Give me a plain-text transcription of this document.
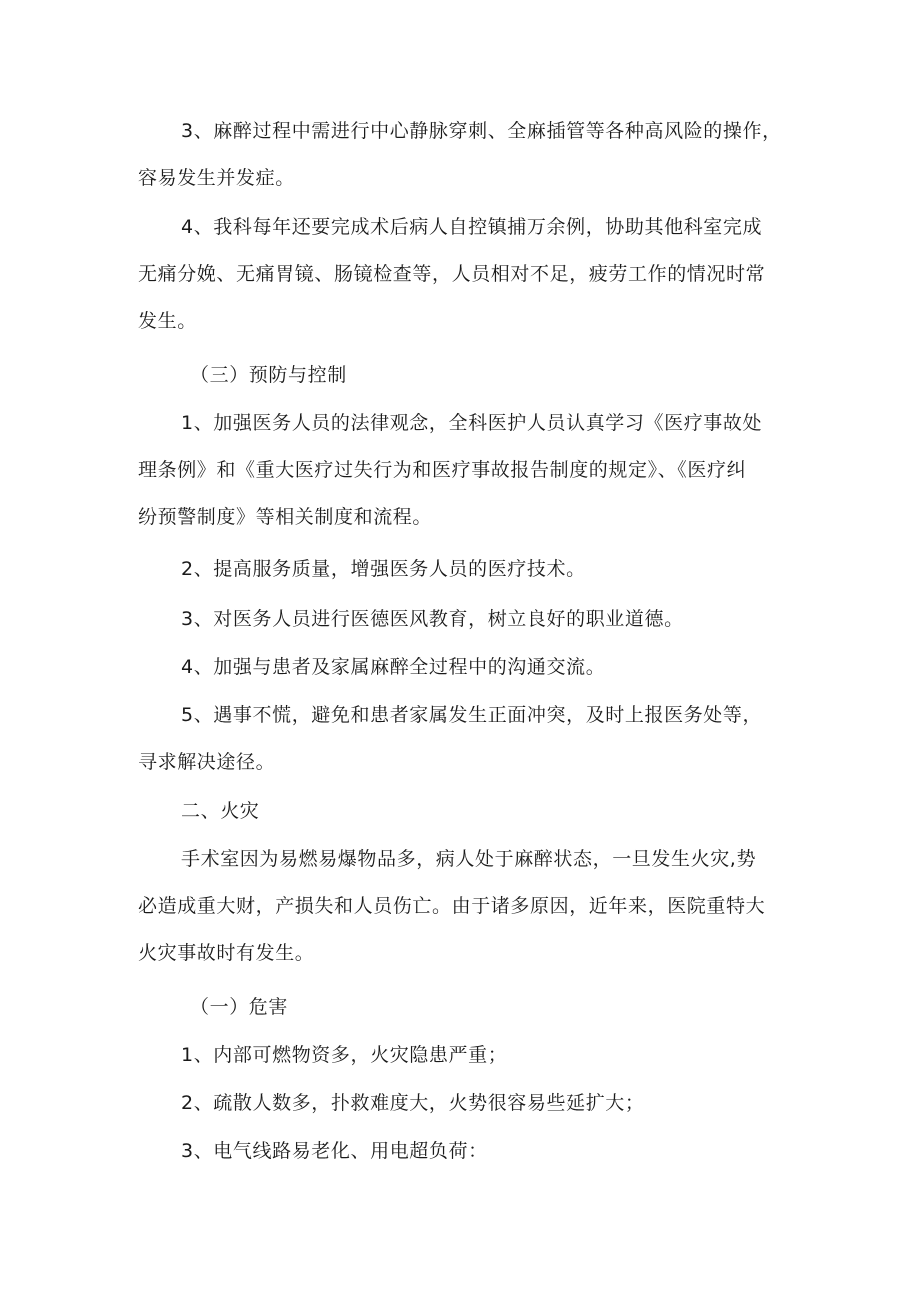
3、麻醉过程中需进行中心静脉穿刺、全麻插管等各种高风险的操作，
容易发生并发症。

4、我科每年还要完成术后病人自控镇捕万余例，协助其他科室完成
无痛分娩、无痛胃镜、肠镜检查等，人员相对不足，疲劳工作的情况时常
发生。

（三）预防与控制

1、加强医务人员的法律观念，全科医护人员认真学习《医疗事故处
理条例》和《重大医疗过失行为和医疗事故报告制度的规定》、《医疗纠
纷预警制度》等相关制度和流程。

2、提高服务质量，增强医务人员的医疗技术。

3、对医务人员进行医德医风教育，树立良好的职业道德。

4、加强与患者及家属麻醉全过程中的沟通交流。

5、遇事不慌，避免和患者家属发生正面冲突，及时上报医务处等，
寻求解决途径。

二、火灾

手术室因为易燃易爆物品多，病人处于麻醉状态，一旦发生火灾,势
必造成重大财，产损失和人员伤亡。由于诸多原因，近年来，医院重特大
火灾事故时有发生。

（一）危害

1、内部可燃物资多，火灾隐患严重；

2、疏散人数多，扑救难度大，火势很容易些延扩大；

3、电气线路易老化、用电超负荷：
